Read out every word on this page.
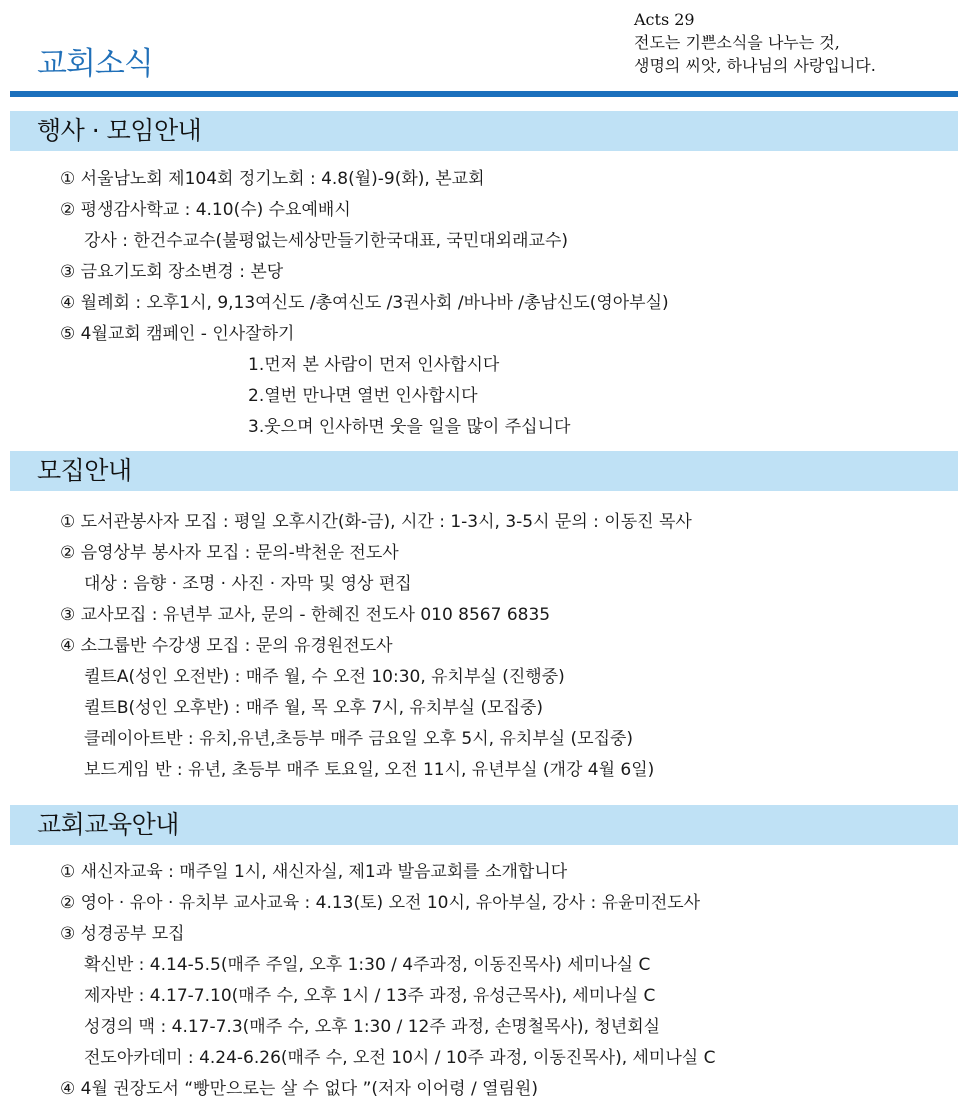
교회소식
Acts 29
전도는 기쁜소식을 나누는 것,
생명의 씨앗, 하나님의 사랑입니다.
행사 · 모임안내
① 서울남노회 제104회 정기노회 : 4.8(월)-9(화), 본교회
② 평생감사학교 : 4.10(수) 수요예배시
강사 : 한건수교수(불평없는세상만들기한국대표, 국민대외래교수)
③ 금요기도회 장소변경 : 본당
④ 월례회 : 오후1시, 9,13여신도 /총여신도 /3권사회 /바나바 /총남신도(영아부실)
⑤ 4월교회 캠페인 - 인사잘하기
1.먼저 본 사람이 먼저 인사합시다
2.열번 만나면 열번 인사합시다
3.웃으며 인사하면 웃을 일을 많이 주십니다
모집안내
① 도서관봉사자 모집 : 평일 오후시간(화-금), 시간 : 1-3시, 3-5시 문의 : 이동진 목사
② 음영상부 봉사자 모집 : 문의-박천운 전도사
대상 : 음향 · 조명 · 사진 · 자막 및 영상 편집
③ 교사모집 : 유년부 교사, 문의 - 한혜진 전도사 010 8567 6835
④ 소그룹반 수강생 모집 : 문의 유경원전도사
퀼트A(성인 오전반) : 매주 월, 수 오전 10:30, 유치부실 (진행중)
퀼트B(성인 오후반) : 매주 월, 목 오후 7시, 유치부실 (모집중)
클레이아트반 : 유치,유년,초등부 매주 금요일 오후 5시, 유치부실 (모집중)
보드게임 반 : 유년, 초등부 매주 토요일, 오전 11시, 유년부실 (개강 4월 6일)
교회교육안내
① 새신자교육 : 매주일 1시, 새신자실, 제1과 발음교회를 소개합니다
② 영아 · 유아 · 유치부 교사교육 : 4.13(토) 오전 10시, 유아부실, 강사 : 유윤미전도사
③ 성경공부 모집
확신반 : 4.14-5.5(매주 주일, 오후 1:30 / 4주과정, 이동진목사) 세미나실 C
제자반 : 4.17-7.10(매주 수, 오후 1시 / 13주 과정, 유성근목사), 세미나실 C
성경의 맥 : 4.17-7.3(매주 수, 오후 1:30 / 12주 과정, 손명철목사), 청년회실
전도아카데미 : 4.24-6.26(매주 수, 오전 10시 / 10주 과정, 이동진목사), 세미나실 C
④ 4월 권장도서 “빵만으로는 살 수 없다 ”(저자 이어령 / 열림원)
